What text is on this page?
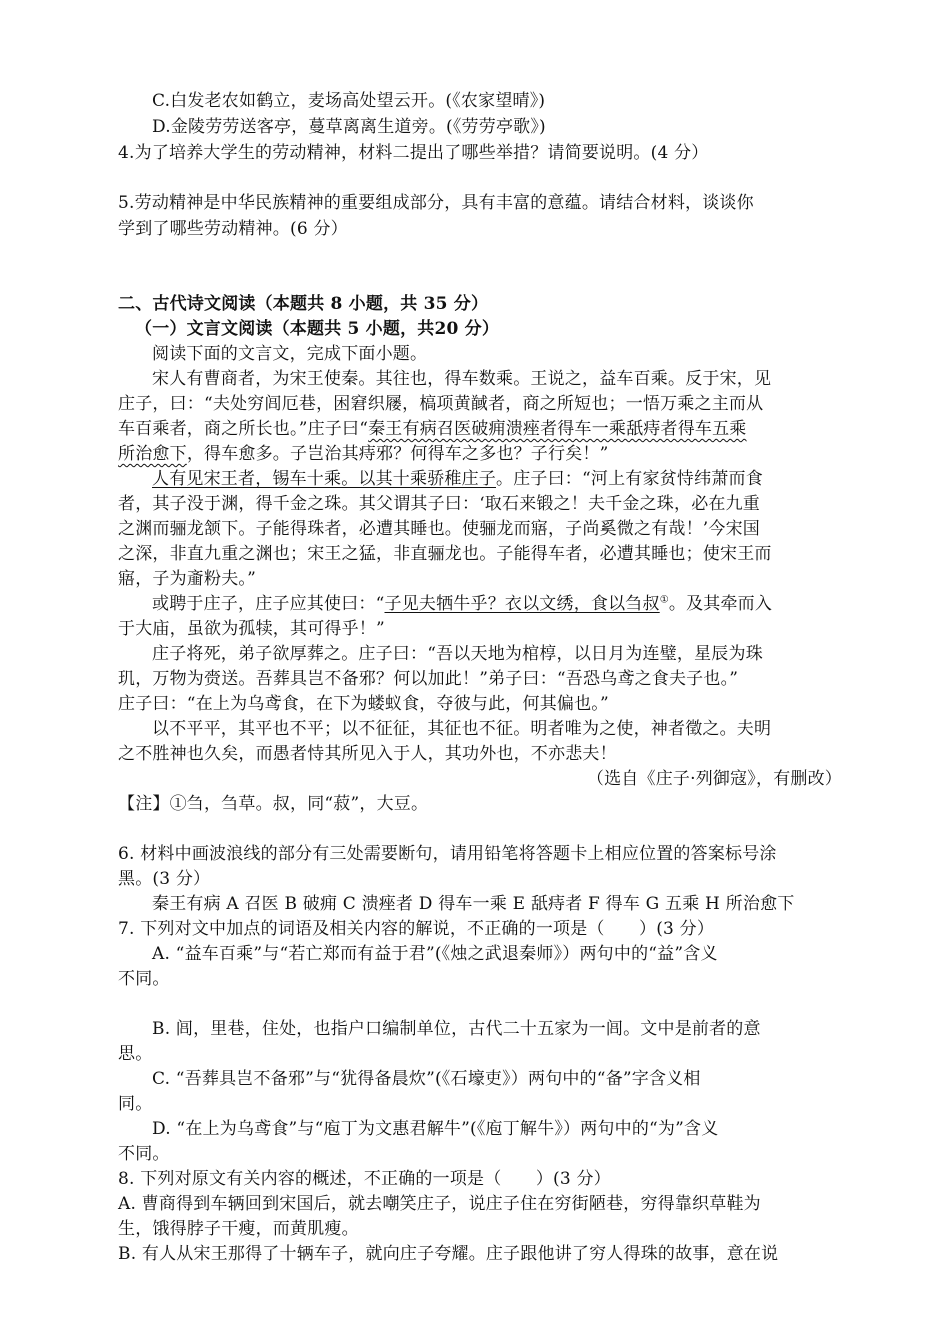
C.白发老农如鹤立，麦场高处望云开。(《农家望晴》)
D.金陵劳劳送客亭，蔓草离离生道旁。(《劳劳亭歌》)
4.为了培养大学生的劳动精神，材料二提出了哪些举措？请简要说明。(4 分）
5.劳动精神是中华民族精神的重要组成部分，具有丰富的意蕴。请结合材料，谈谈你
学到了哪些劳动精神。(6 分）
二、古代诗文阅读（本题共 8 小题，共 35 分）
（一）文言文阅读（本题共 5 小题，共20 分）
阅读下面的文言文，完成下面小题。
宋人有曹商者，为宋王使秦。其往也，得车数乘。王说之，益车百乘。反于宋，见
庄子，曰：“夫处穷闾厄巷，困窘织屦，槁项黄馘者，商之所短也；一悟万乘之主而从
车百乘者，商之所长也。”庄子曰“秦王有病召医破痈溃痤者得车一乘舐痔者得车五乘
所治愈下，得车愈多。子岂治其痔邪？何得车之多也？子行矣！”
人有见宋王者，锡车十乘。以其十乘骄稚庄子。庄子曰：“河上有家贫恃纬萧而食
者，其子没于渊，得千金之珠。其父谓其子曰：‘取石来锻之！夫千金之珠，必在九重
之渊而骊龙颔下。子能得珠者，必遭其睡也。使骊龙而寤，子尚奚微之有哉！’今宋国
之深，非直九重之渊也；宋王之猛，非直骊龙也。子能得车者，必遭其睡也；使宋王而
寤，子为齑粉夫。”
或聘于庄子，庄子应其使曰：“子见夫牺牛乎？衣以文绣，食以刍叔①。及其牵而入
于大庙，虽欲为孤犊，其可得乎！”
庄子将死，弟子欲厚葬之。庄子曰：“吾以天地为棺椁，以日月为连璧，星辰为珠
玑，万物为赍送。吾葬具岂不备邪？何以加此！”弟子曰：“吾恐乌鸢之食夫子也。”
庄子曰：“在上为乌鸢食，在下为蝼蚁食，夺彼与此，何其偏也。”
以不平平，其平也不平；以不征征，其征也不征。明者唯为之使，神者徵之。夫明
之不胜神也久矣，而愚者恃其所见入于人，其功外也，不亦悲夫！
（选自《庄子·列御寇》，有删改）
【注】①刍，刍草。叔，同“菽”，大豆。
6. 材料中画波浪线的部分有三处需要断句，请用铅笔将答题卡上相应位置的答案标号涂
黑。(3 分）
秦王有病 A 召医 B 破痈 C 溃痤者 D 得车一乘 E 舐痔者 F 得车 G 五乘 H 所治愈下
7. 下列对文中加点的词语及相关内容的解说，不正确的一项是（　　）(3 分）
A. “益车百乘”与“若亡郑而有益于君”(《烛之武退秦师》）两句中的“益”含义
不同。
B. 闾，里巷，住处，也指户口编制单位，古代二十五家为一闾。文中是前者的意
思。
C. “吾葬具岂不备邪”与“犹得备晨炊”(《石壕吏》）两句中的“备”字含义相
同。
D. “在上为乌鸢食”与“庖丁为文惠君解牛”(《庖丁解牛》）两句中的“为”含义
不同。
8. 下列对原文有关内容的概述，不正确的一项是（　　）(3 分）
A. 曹商得到车辆回到宋国后，就去嘲笑庄子，说庄子住在穷街陋巷，穷得靠织草鞋为
生，饿得脖子干瘦，而黄肌瘦。
B. 有人从宋王那得了十辆车子，就向庄子夸耀。庄子跟他讲了穷人得珠的故事，意在说
